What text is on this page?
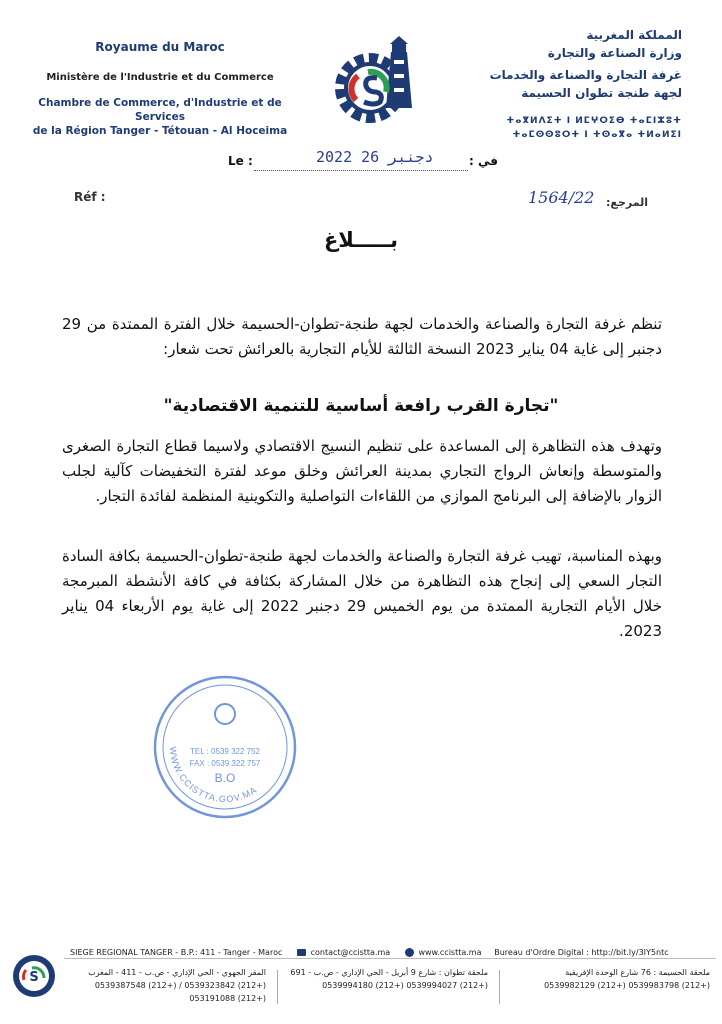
Royaume du Maroc
Ministère de l'Industrie et du Commerce
Chambre de Commerce, d'Industrie et de Services
de la Région Tanger - Tétouan - Al Hoceima
المملكة المغربية
وزارة الصناعة والتجارة
غرفة التجارة والصناعة والخدمات
لجهة طنجة تطوان الحسيمة
ⵜⴰⴳⵍⴷⵉⵜ ⵏ ⵍⵎⵖⵔⵉⴱ ⵜⴰⵎⵏⵣⵓⵜ
ⵜⴰⵎⵙⵙⵓⵔⵜ ⵏ ⵜⵙⴰⴳⴰ ⵜⵍⴰⵍⵉⵏ
Le :	2022 دجنبر 26	في :
Réf :	1564/22 المرجع:
بـــــلاغ
تنظم غرفة التجارة والصناعة والخدمات لجهة طنجة-تطوان-الحسيمة خلال الفترة الممتدة من 29 دجنبر إلى غاية 04 يناير 2023 النسخة الثالثة للأيام التجارية بالعرائش تحت شعار:
"تجارة القرب رافعة أساسية للتنمية الاقتصادية"
وتهدف هذه التظاهرة إلى المساعدة على تنظيم النسيج الاقتصادي ولاسيما قطاع التجارة الصغرى والمتوسطة وإنعاش الرواج التجاري بمدينة العرائش وخلق موعد لفترة التخفيضات كآلية لجلب الزوار بالإضافة إلى البرنامج الموازي من اللقاءات التواصلية والتكوينية المنظمة لفائدة التجار.
وبهذه المناسبة، تهيب غرفة التجارة والصناعة والخدمات لجهة طنجة-تطوان-الحسيمة بكافة السادة التجار السعي إلى إنجاح هذه التظاهرة من خلال المشاركة بكثافة في كافة الأنشطة المبرمجة خلال الأيام التجارية الممتدة من يوم الخميس 29 دجنبر 2022 إلى غاية يوم الأربعاء 04 يناير 2023.
WWW.CCISTTA.GOV.MA
TEL : 0539 322 752
FAX : 0539 322 757
B.O
S
SIEGE REGIONAL TANGER - B.P.: 411 - Tanger - Maroc	contact@ccistta.ma	www.ccistta.ma Bureau d'Ordre Digital : http://bit.ly/3IY5ntc
ملحقة الحسيمة : 76 شارع الوحدة الإفريقية
(+212) 0539983798 (+212) 0539982129
ملحقة تطوان : شارع 9 أبريل - الحي الإداري - ص.ب - 691
(+212) 0539994027 (+212) 0539994180
المقر الجهوي - الحي الإداري - ص.ب - 411 - المغرب
(+212) 0539323842 / (+212) 0539387548 (+212) 053191088
